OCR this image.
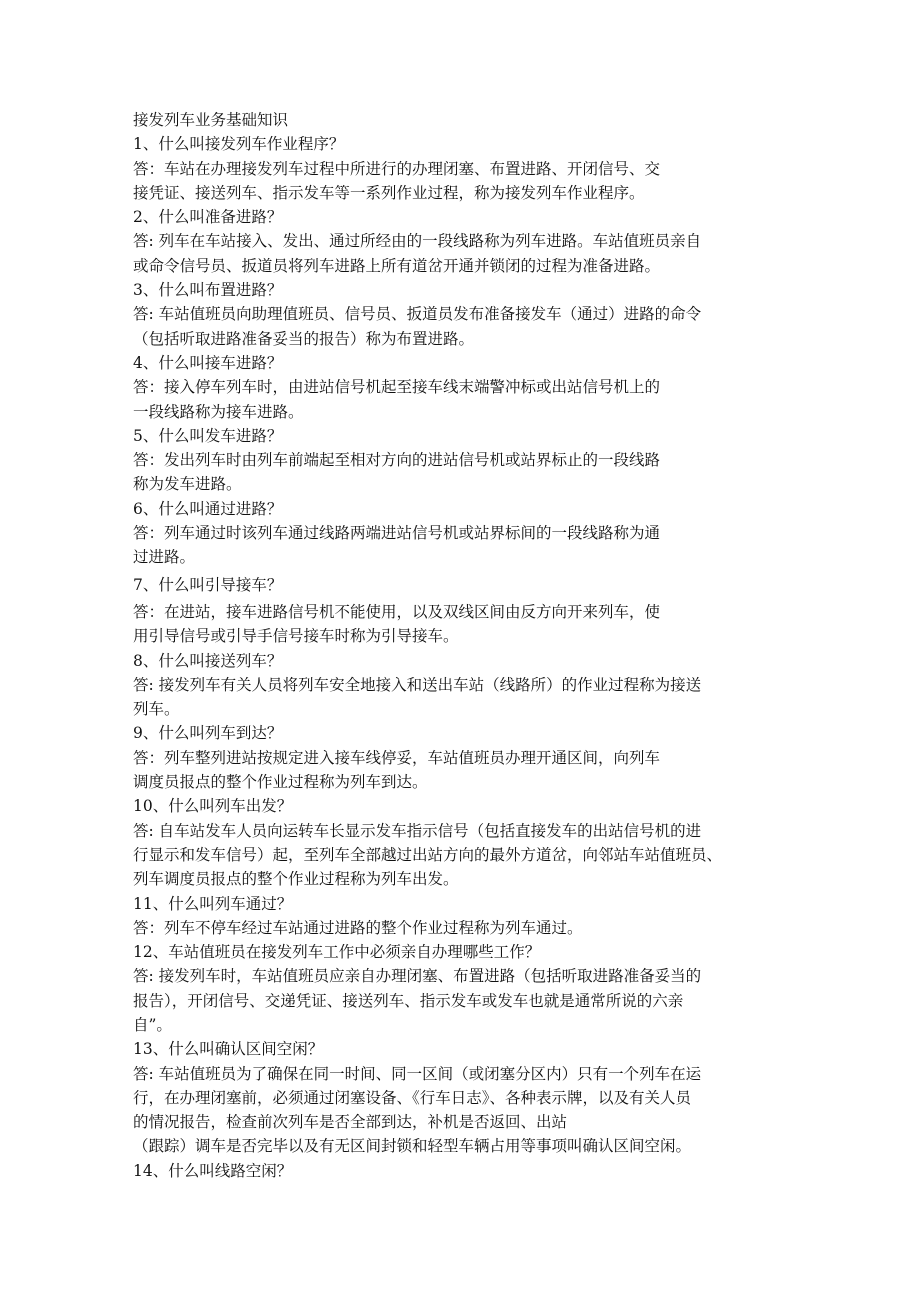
接发列车业务基础知识
1、什么叫接发列车作业程序？
答：车站在办理接发列车过程中所进行的办理闭塞、布置进路、开闭信号、交
接凭证、接送列车、指示发车等一系列作业过程，称为接发列车作业程序。
2、什么叫准备进路？
答: 列车在车站接入、发出、通过所经由的一段线路称为列车进路。车站值班员亲自
或命令信号员、扳道员将列车进路上所有道岔开通并锁闭的过程为准备进路。
3、什么叫布置进路？
答: 车站值班员向助理值班员、信号员、扳道员发布准备接发车（通过）进路的命令
（包括听取进路准备妥当的报告）称为布置进路。
4、什么叫接车进路？
答：接入停车列车时，由进站信号机起至接车线末端警冲标或出站信号机上的
一段线路称为接车进路。
5、什么叫发车进路？
答：发出列车时由列车前端起至相对方向的进站信号机或站界标止的一段线路
称为发车进路。
6、什么叫通过进路？
答：列车通过时该列车通过线路两端进站信号机或站界标间的一段线路称为通
过进路。
7、什么叫引导接车？
答：在进站，接车进路信号机不能使用，以及双线区间由反方向开来列车，使
用引导信号或引导手信号接车时称为引导接车。
8、什么叫接送列车？
答: 接发列车有关人员将列车安全地接入和送出车站（线路所）的作业过程称为接送
列车。
9、什么叫列车到达？
答：列车整列进站按规定进入接车线停妥，车站值班员办理开通区间，向列车
调度员报点的整个作业过程称为列车到达。
10、什么叫列车出发？
答: 自车站发车人员向运转车长显示发车指示信号（包括直接发车的出站信号机的进
行显示和发车信号）起，至列车全部越过出站方向的最外方道岔，向邻站车站值班员、
列车调度员报点的整个作业过程称为列车出发。
11、什么叫列车通过？
答：列车不停车经过车站通过进路的整个作业过程称为列车通过。
12、车站值班员在接发列车工作中必须亲自办理哪些工作？
答: 接发列车时，车站值班员应亲自办理闭塞、布置进路（包括听取进路准备妥当的
报告），开闭信号、交递凭证、接送列车、指示发车或发车也就是通常所说的六亲
自”。
13、什么叫确认区间空闲？
答: 车站值班员为了确保在同一时间、同一区间（或闭塞分区内）只有一个列车在运
行，在办理闭塞前，必须通过闭塞设备、《行车日志》、各种表示牌，以及有关人员
的情况报告，检查前次列车是否全部到达，补机是否返回、出站
（跟踪）调车是否完毕以及有无区间封锁和轻型车辆占用等事项叫确认区间空闲。
14、什么叫线路空闲？
